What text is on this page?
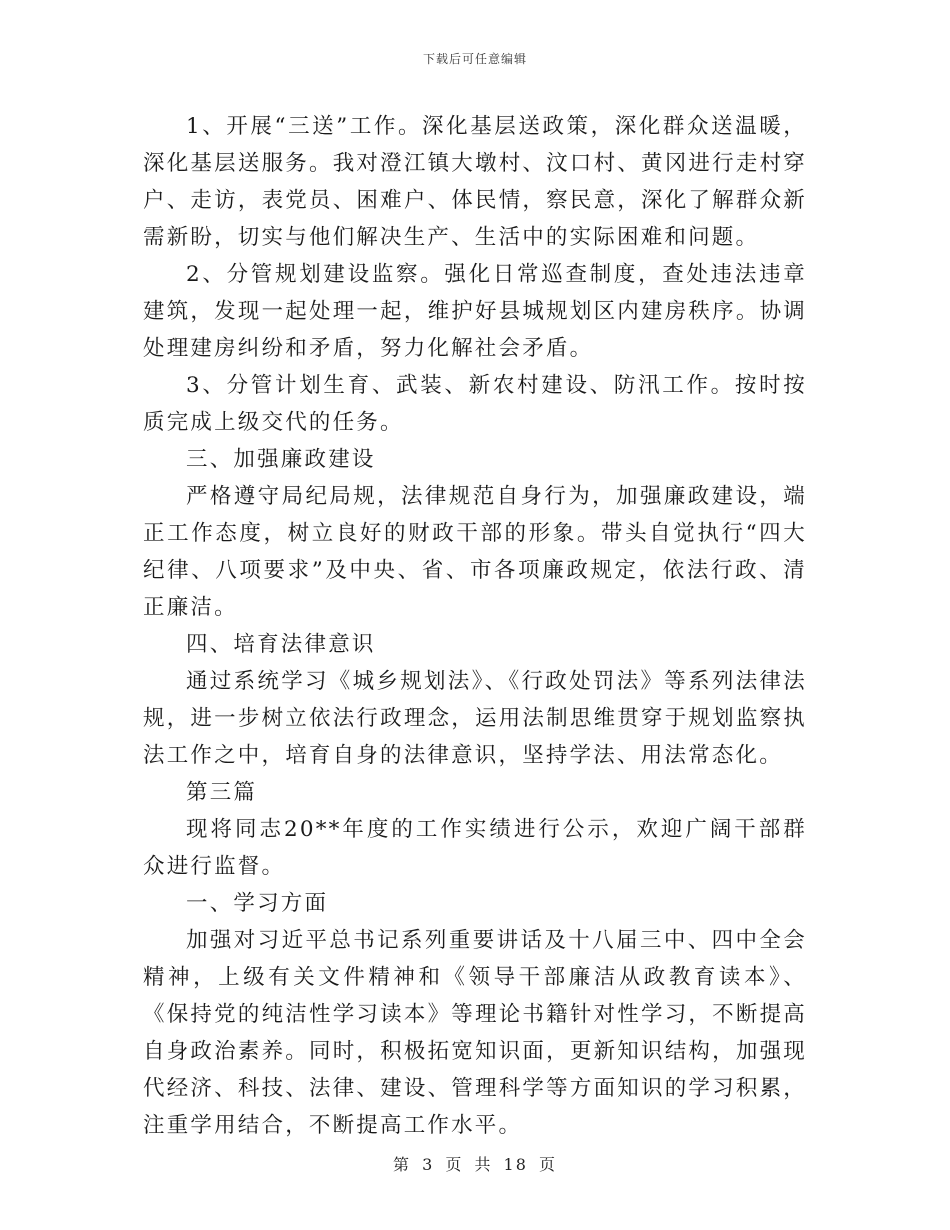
下载后可任意编辑

1、开展“三送”工作。深化基层送政策，深化群众送温暖，深化基层送服务。我对澄江镇大墩村、汶口村、黄冈进行走村穿户、走访，表党员、困难户、体民情，察民意，深化了解群众新需新盼，切实与他们解决生产、生活中的实际困难和问题。

2、分管规划建设监察。强化日常巡查制度，查处违法违章建筑，发现一起处理一起，维护好县城规划区内建房秩序。协调处理建房纠纷和矛盾，努力化解社会矛盾。

3、分管计划生育、武装、新农村建设、防汛工作。按时按质完成上级交代的任务。

三、加强廉政建设

严格遵守局纪局规，法律规范自身行为，加强廉政建设，端正工作态度，树立良好的财政干部的形象。带头自觉执行“四大纪律、八项要求”及中央、省、市各项廉政规定，依法行政、清正廉洁。

四、培育法律意识

通过系统学习《城乡规划法》、《行政处罚法》等系列法律法规，进一步树立依法行政理念，运用法制思维贯穿于规划监察执法工作之中，培育自身的法律意识，坚持学法、用法常态化。

第三篇

现将同志20**年度的工作实绩进行公示，欢迎广阔干部群众进行监督。

一、学习方面

加强对习近平总书记系列重要讲话及十八届三中、四中全会精神，上级有关文件精神和《领导干部廉洁从政教育读本》、《保持党的纯洁性学习读本》等理论书籍针对性学习，不断提高自身政治素养。同时，积极拓宽知识面，更新知识结构，加强现代经济、科技、法律、建设、管理科学等方面知识的学习积累，注重学用结合，不断提高工作水平。

第 3 页 共 18 页
